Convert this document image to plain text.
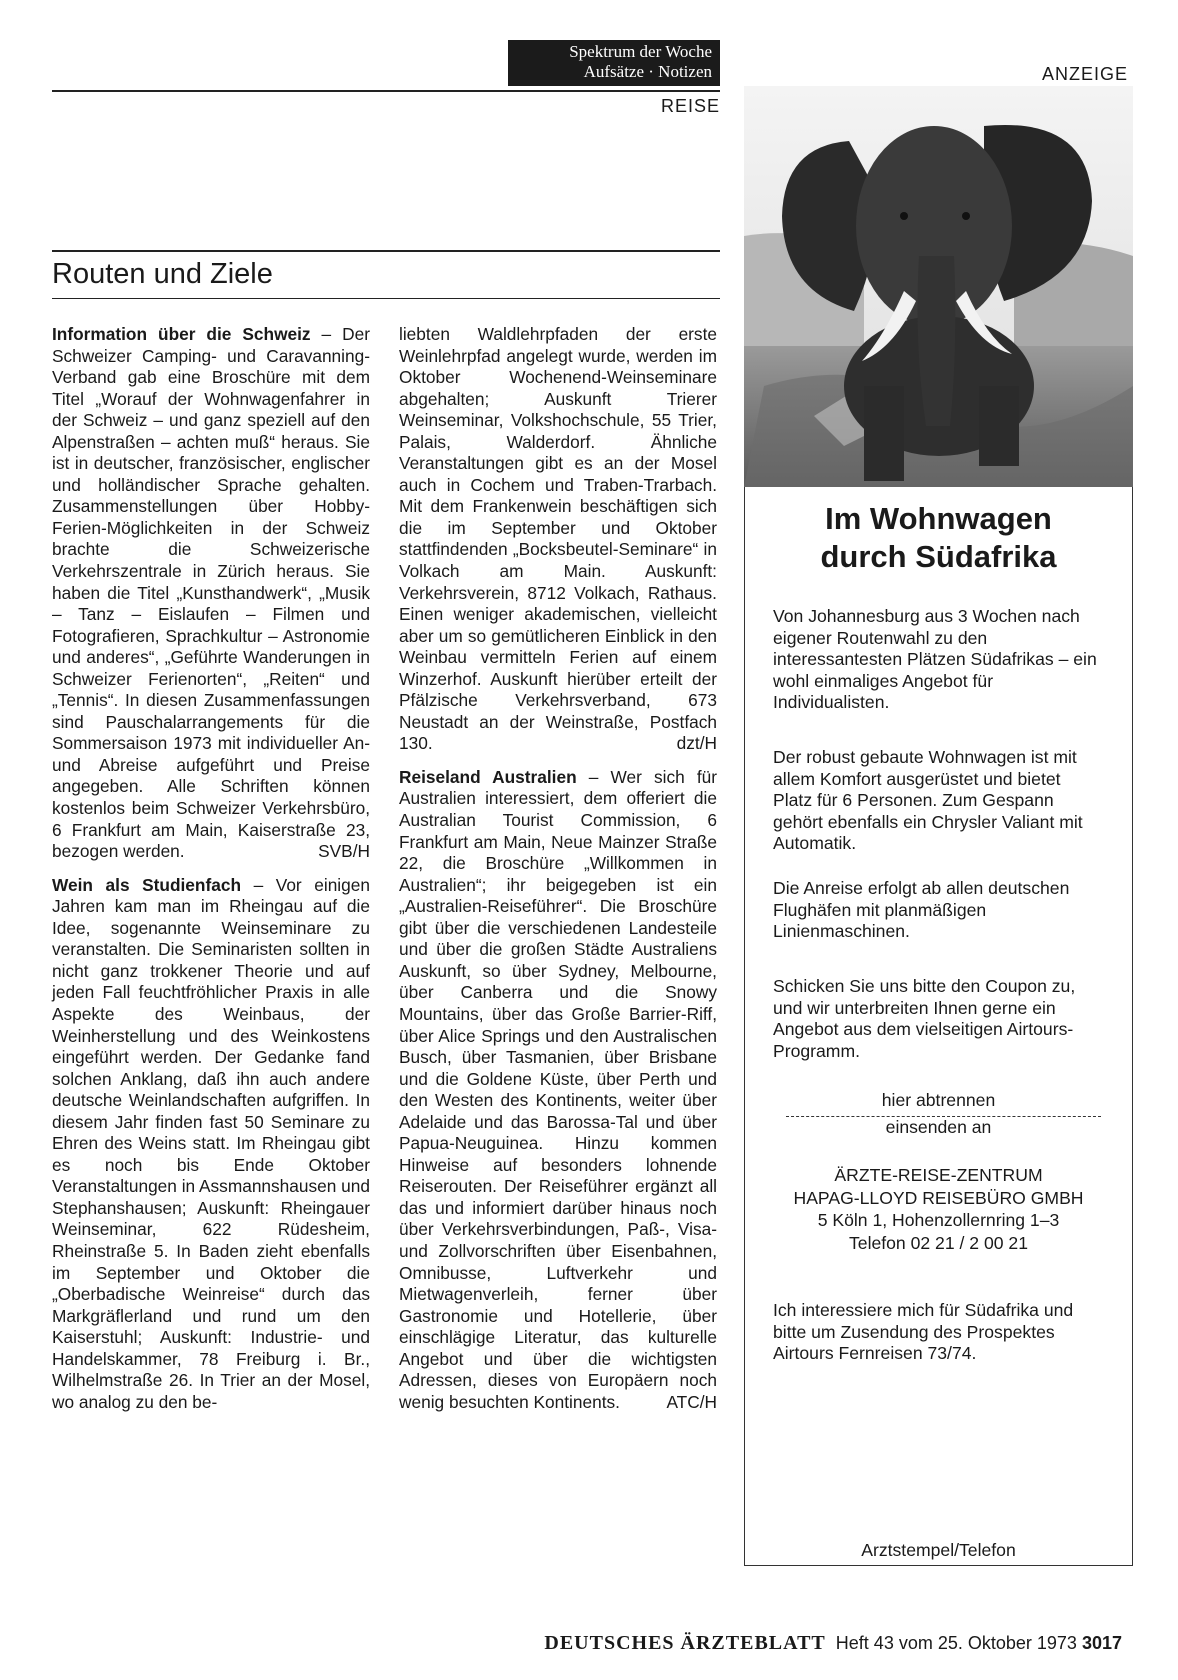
Spektrum der Woche
Aufsätze · Notizen
REISE
ANZEIGE
Routen und Ziele

Information über die Schweiz – Der Schweizer Camping- und Caravanning-Verband gab eine Broschüre mit dem Titel „Worauf der Wohnwagenfahrer in der Schweiz – und ganz speziell auf den Alpenstraßen – achten muß“ heraus. Sie ist in deutscher, französischer, englischer und holländischer Sprache gehalten. Zusammenstellungen über Hobby-Ferien-Möglichkeiten in der Schweiz brachte die Schweizerische Verkehrszentrale in Zürich heraus. Sie haben die Titel „Kunsthandwerk“, „Musik – Tanz – Eislaufen – Filmen und Fotografieren, Sprachkultur – Astronomie und anderes“, „Geführte Wanderungen in Schweizer Ferienorten“, „Reiten“ und „Tennis“. In diesen Zusammenfassungen sind Pauschalarrangements für die Sommersaison 1973 mit individueller An- und Abreise aufgeführt und Preise angegeben. Alle Schriften können kostenlos beim Schweizer Verkehrsbüro, 6 Frankfurt am Main, Kaiserstraße 23, bezogen werden.	SVB/H

Wein als Studienfach – Vor einigen Jahren kam man im Rheingau auf die Idee, sogenannte Weinseminare zu veranstalten. Die Seminaristen sollten in nicht ganz trokkener Theorie und auf jeden Fall feuchtfröhlicher Praxis in alle Aspekte des Weinbaus, der Weinherstellung und des Weinkostens eingeführt werden. Der Gedanke fand solchen Anklang, daß ihn auch andere deutsche Weinlandschaften aufgriffen. In diesem Jahr finden fast 50 Seminare zu Ehren des Weins statt. Im Rheingau gibt es noch bis Ende Oktober Veranstaltungen in Assmannshausen und Stephanshausen; Auskunft: Rheingauer Weinseminar, 622 Rüdesheim, Rheinstraße 5. In Baden zieht ebenfalls im September und Oktober die „Oberbadische Weinreise“ durch das Markgräflerland und rund um den Kaiserstuhl; Auskunft: Industrie- und Handelskammer, 78 Freiburg i. Br., Wilhelmstraße 26. In Trier an der Mosel, wo analog zu den be-

liebten Waldlehrpfaden der erste Weinlehrpfad angelegt wurde, werden im Oktober Wochenend-Weinseminare abgehalten; Auskunft Trierer Weinseminar, Volkshochschule, 55 Trier, Palais, Walderdorf. Ähnliche Veranstaltungen gibt es an der Mosel auch in Cochem und Traben-Trarbach. Mit dem Frankenwein beschäftigen sich die im September und Oktober stattfindenden „Bocksbeutel-Seminare“ in Volkach am Main. Auskunft: Verkehrsverein, 8712 Volkach, Rathaus. Einen weniger akademischen, vielleicht aber um so gemütlicheren Einblick in den Weinbau vermitteln Ferien auf einem Winzerhof. Auskunft hierüber erteilt der Pfälzische Verkehrsverband, 673 Neustadt an der Weinstraße, Postfach 130.	dzt/H

Reiseland Australien – Wer sich für Australien interessiert, dem offeriert die Australian Tourist Commission, 6 Frankfurt am Main, Neue Mainzer Straße 22, die Broschüre „Willkommen in Australien“; ihr beigegeben ist ein „Australien-Reiseführer“. Die Broschüre gibt über die verschiedenen Landesteile und über die großen Städte Australiens Auskunft, so über Sydney, Melbourne, über Canberra und die Snowy Mountains, über das Große Barrier-Riff, über Alice Springs und den Australischen Busch, über Tasmanien, über Brisbane und die Goldene Küste, über Perth und den Westen des Kontinents, weiter über Adelaide und das Barossa-Tal und über Papua-Neuguinea. Hinzu kommen Hinweise auf besonders lohnende Reiserouten. Der Reiseführer ergänzt all das und informiert darüber hinaus noch über Verkehrsverbindungen, Paß-, Visa- und Zollvorschriften über Eisenbahnen, Omnibusse, Luftverkehr und Mietwagenverleih, ferner über Gastronomie und Hotellerie, über einschlägige Literatur, das kulturelle Angebot und über die wichtigsten Adressen, dieses von Europäern noch wenig besuchten Kontinents.	ATC/H

Im Wohnwagen
durch Südafrika
Von Johannesburg aus 3 Wochen nach eigener Routenwahl zu den interessantesten Plätzen Südafrikas – ein wohl einmaliges Angebot für Individualisten.
Der robust gebaute Wohnwagen ist mit allem Komfort ausgerüstet und bietet Platz für 6 Personen. Zum Gespann gehört ebenfalls ein Chrysler Valiant mit Automatik.
Die Anreise erfolgt ab allen deutschen Flughäfen mit planmäßigen Linienmaschinen.
Schicken Sie uns bitte den Coupon zu, und wir unterbreiten Ihnen gerne ein Angebot aus dem vielseitigen Airtours-Programm.
hier abtrennen
einsenden an
ÄRZTE-REISE-ZENTRUM
HAPAG-LLOYD REISEBÜRO GMBH
5 Köln 1, Hohenzollernring 1–3
Telefon 02 21 / 2 00 21
Ich interessiere mich für Südafrika und bitte um Zusendung des Prospektes Airtours Fernreisen 73/74.
Arztstempel/Telefon
DEUTSCHES ÄRZTEBLATT Heft 43 vom 25. Oktober 1973 3017
